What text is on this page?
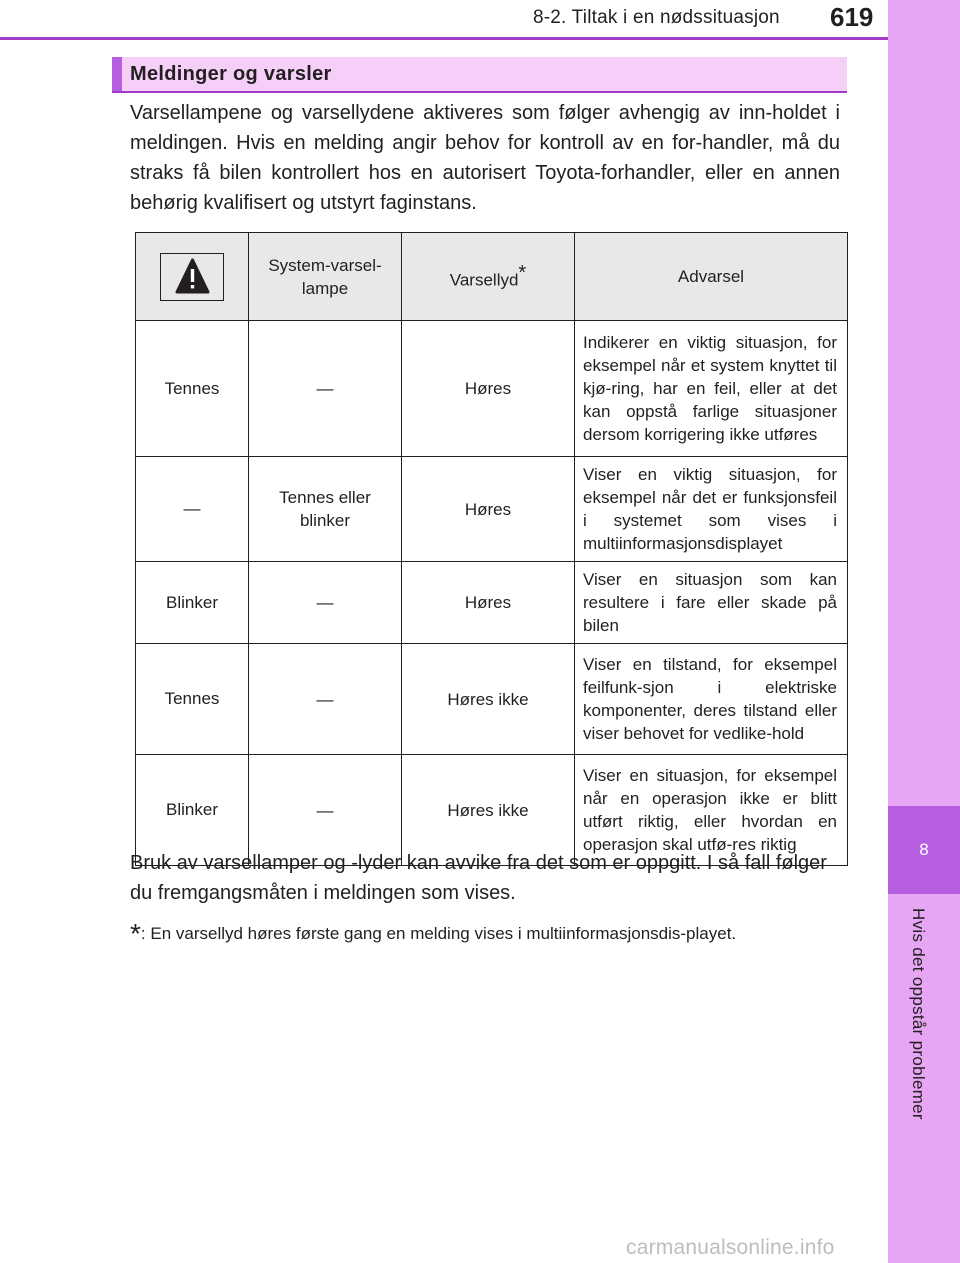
8-2. Tiltak i en nødssituasjon 619
8
Hvis det oppstår problemer
Meldinger og varsler

Varsellampene og varsellydene aktiveres som følger avhengig av inn-holdet i meldingen. Hvis en melding angir behov for kontroll av en for-handler, må du straks få bilen kontrollert hos en autorisert Toyota-forhandler, eller en annen behørig kvalifisert og utstyrt faginstans.

	System-varsel-lampe	Varsellyd*	Advarsel
Tennes	—	Høres	Indikerer en viktig situasjon, for eksempel når et system knyttet til kjø-ring, har en feil, eller at det kan oppstå farlige situasjoner dersom korrigering ikke utføres
—	Tennes eller blinker	Høres	Viser en viktig situasjon, for eksempel når det er funksjonsfeil i systemet som vises i multiinformasjonsdisplayet
Blinker	—	Høres	Viser en situasjon som kan resultere i fare eller skade på bilen
Tennes	—	Høres ikke	Viser en tilstand, for eksempel feilfunk-sjon i elektriske komponenter, deres tilstand eller viser behovet for vedlike-hold
Blinker	—	Høres ikke	Viser en situasjon, for eksempel når en operasjon ikke er blitt utført riktig, eller hvordan en operasjon skal utfø-res riktig

Bruk av varsellamper og -lyder kan avvike fra det som er oppgitt. I så fall følger du fremgangsmåten i meldingen som vises.

*: En varsellyd høres første gang en melding vises i multiinformasjonsdis-playet.

carmanualsonline.info
